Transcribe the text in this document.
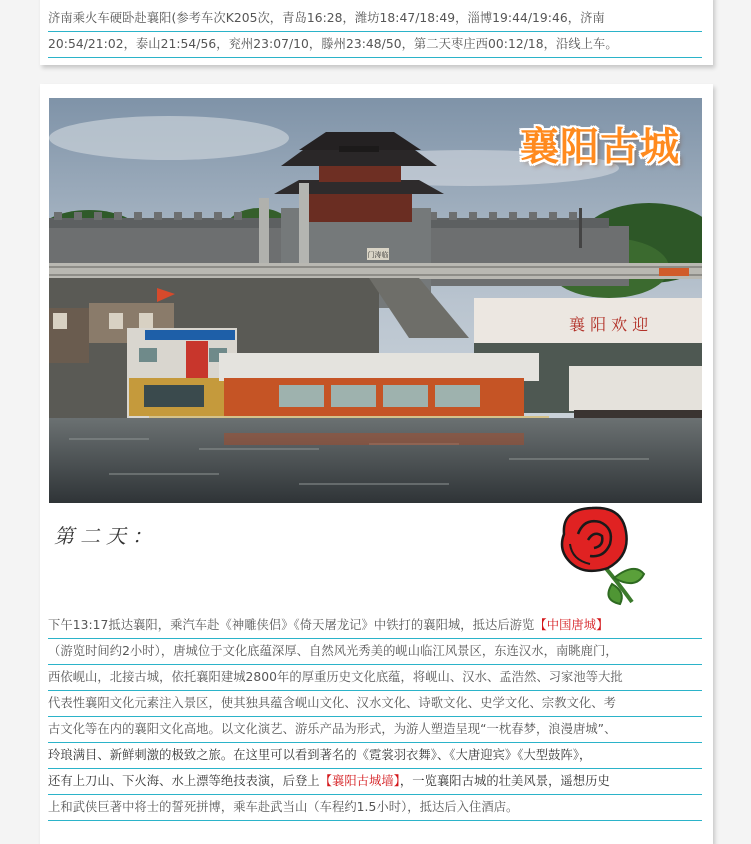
济南乘火车硬卧赴襄阳(参考车次K205次，青岛16:28，潍坊18:47/18:49，淄博19:44/19:46，济南
20:54/21:02，泰山21:54/56，兖州23:07/10，滕州23:48/50，第二天枣庄西00:12/18，沿线上车。
门涛临
襄 阳 欢 迎
襄阳古城
第二天：
下午13:17抵达襄阳，乘汽车赴《神雕侠侣》《倚天屠龙记》中铁打的襄阳城，抵达后游览【中国唐城】
（游览时间约2小时），唐城位于文化底蕴深厚、自然风光秀美的岘山临江风景区，东连汉水，南眺鹿门，
西依岘山，北接古城，依托襄阳建城2800年的厚重历史文化底蕴，将岘山、汉水、孟浩然、习家池等大批
代表性襄阳文化元素注入景区，使其独具蕴含岘山文化、汉水文化、诗歌文化、史学文化、宗教文化、考
古文化等在内的襄阳文化高地。以文化演艺、游乐产品为形式，为游人塑造呈现“一枕春梦，浪漫唐城”、
玲琅满目、新鲜刺激的极致之旅。在这里可以看到著名的《霓裳羽衣舞》、《大唐迎宾》《大型鼓阵》，
还有上刀山、下火海、水上漂等绝技表演，后登上【襄阳古城墙】，一览襄阳古城的壮美风景，遥想历史
上和武侠巨著中将士的誓死拼博，乘车赴武当山（车程约1.5小时），抵达后入住酒店。
